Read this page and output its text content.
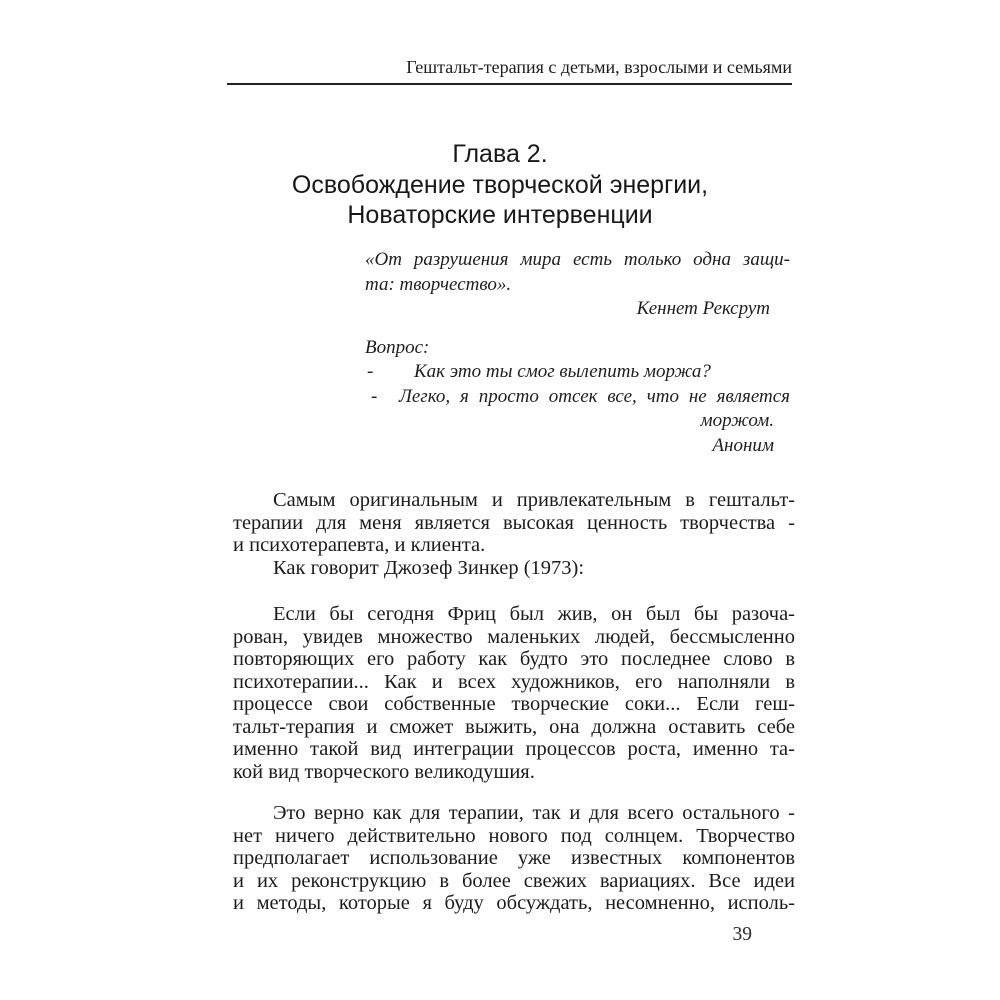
Гештальт-терапия с детьми, взрослыми и семьями
Глава 2.
Освобождение творческой энергии,
Новаторские интервенции
«От разрушения мира есть только одна защи-
та: творчество».
Кеннет Рексрут
Вопрос:
-	Как это ты смог вылепить моржа?
-	Легко, я просто отсек все, что не является
моржом.
Аноним
Самым оригинальным и привлекательным в гештальт-
терапии для меня является высокая ценность творчества -
и психотерапевта, и клиента.
Как говорит Джозеф Зинкер (1973):
Если бы сегодня Фриц был жив, он был бы разоча-
рован, увидев множество маленьких людей, бессмысленно
повторяющих его работу как будто это последнее слово в
психотерапии... Как и всех художников, его наполняли в
процессе свои собственные творческие соки... Если геш-
тальт-терапия и сможет выжить, она должна оставить себе
именно такой вид интеграции процессов роста, именно та-
кой вид творческого великодушия.
Это верно как для терапии, так и для всего остального -
нет ничего действительно нового под солнцем. Творчество
предполагает использование уже известных компонентов
и их реконструкцию в более свежих вариациях. Все идеи
и методы, которые я буду обсуждать, несомненно, исполь-
39
